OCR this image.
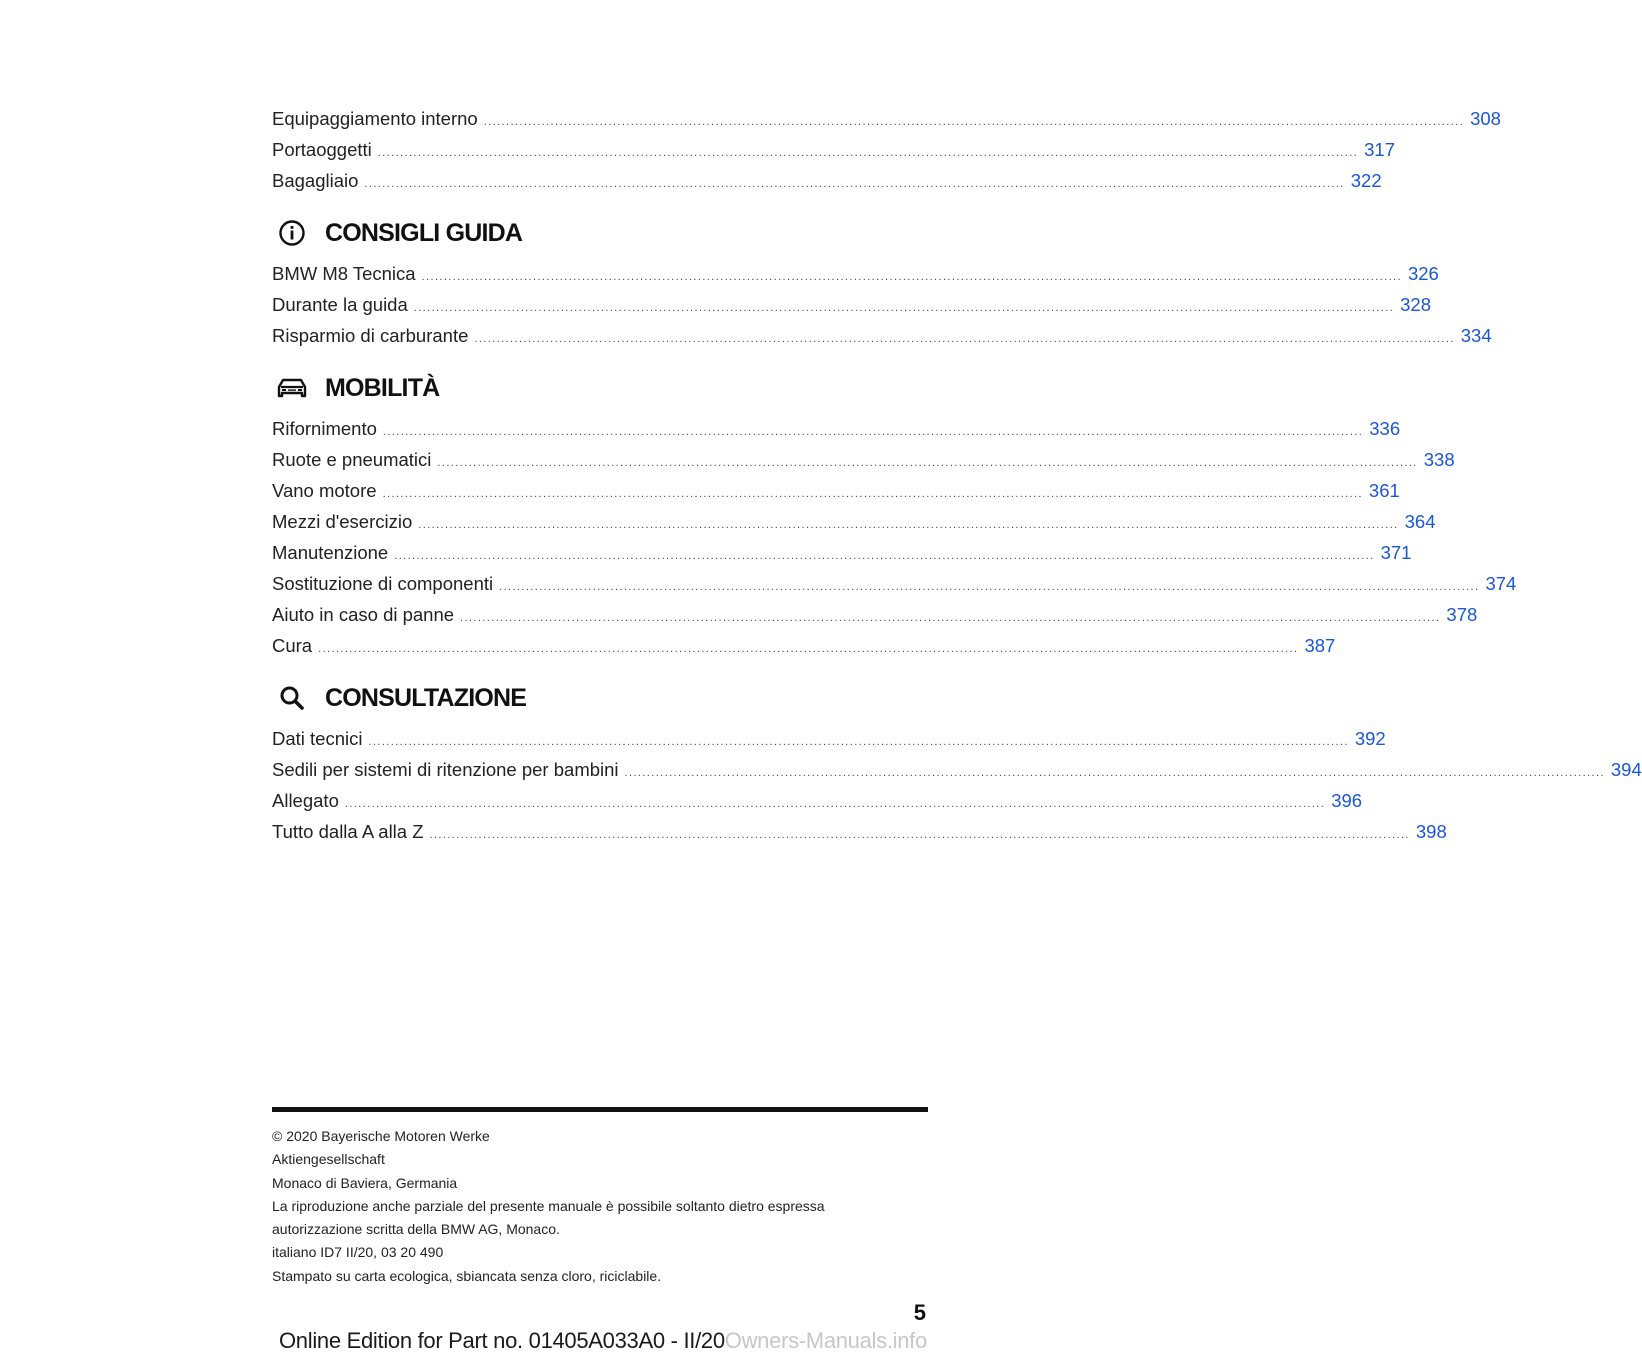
Equipaggiamento interno ............................................................................................................................................................................................................................ 308
Portaoggetti ............................................................................................................................................................................................................................ 317
Bagagliaio ............................................................................................................................................................................................................................ 322
CONSIGLI GUIDA
BMW M8 Tecnica ............................................................................................................................................................................................................................ 326
Durante la guida ............................................................................................................................................................................................................................ 328
Risparmio di carburante ............................................................................................................................................................................................................................ 334
MOBILITÀ
Rifornimento ............................................................................................................................................................................................................................ 336
Ruote e pneumatici ............................................................................................................................................................................................................................ 338
Vano motore ............................................................................................................................................................................................................................ 361
Mezzi d'esercizio ............................................................................................................................................................................................................................ 364
Manutenzione ............................................................................................................................................................................................................................ 371
Sostituzione di componenti ............................................................................................................................................................................................................................ 374
Aiuto in caso di panne ............................................................................................................................................................................................................................ 378
Cura ............................................................................................................................................................................................................................ 387
CONSULTAZIONE
Dati tecnici ............................................................................................................................................................................................................................ 392
Sedili per sistemi di ritenzione per bambini ............................................................................................................................................................................................................................ 394
Allegato ............................................................................................................................................................................................................................ 396
Tutto dalla A alla Z ............................................................................................................................................................................................................................ 398
© 2020 Bayerische Motoren Werke
Aktiengesellschaft
Monaco di Baviera, Germania
La riproduzione anche parziale del presente manuale è possibile soltanto dietro espressa
autorizzazione scritta della BMW AG, Monaco.
italiano ID7 II/20, 03 20 490
Stampato su carta ecologica, sbiancata senza cloro, riciclabile.
5
Online Edition for Part no. 01405A033A0 - II/20Owners-Manuals.info
